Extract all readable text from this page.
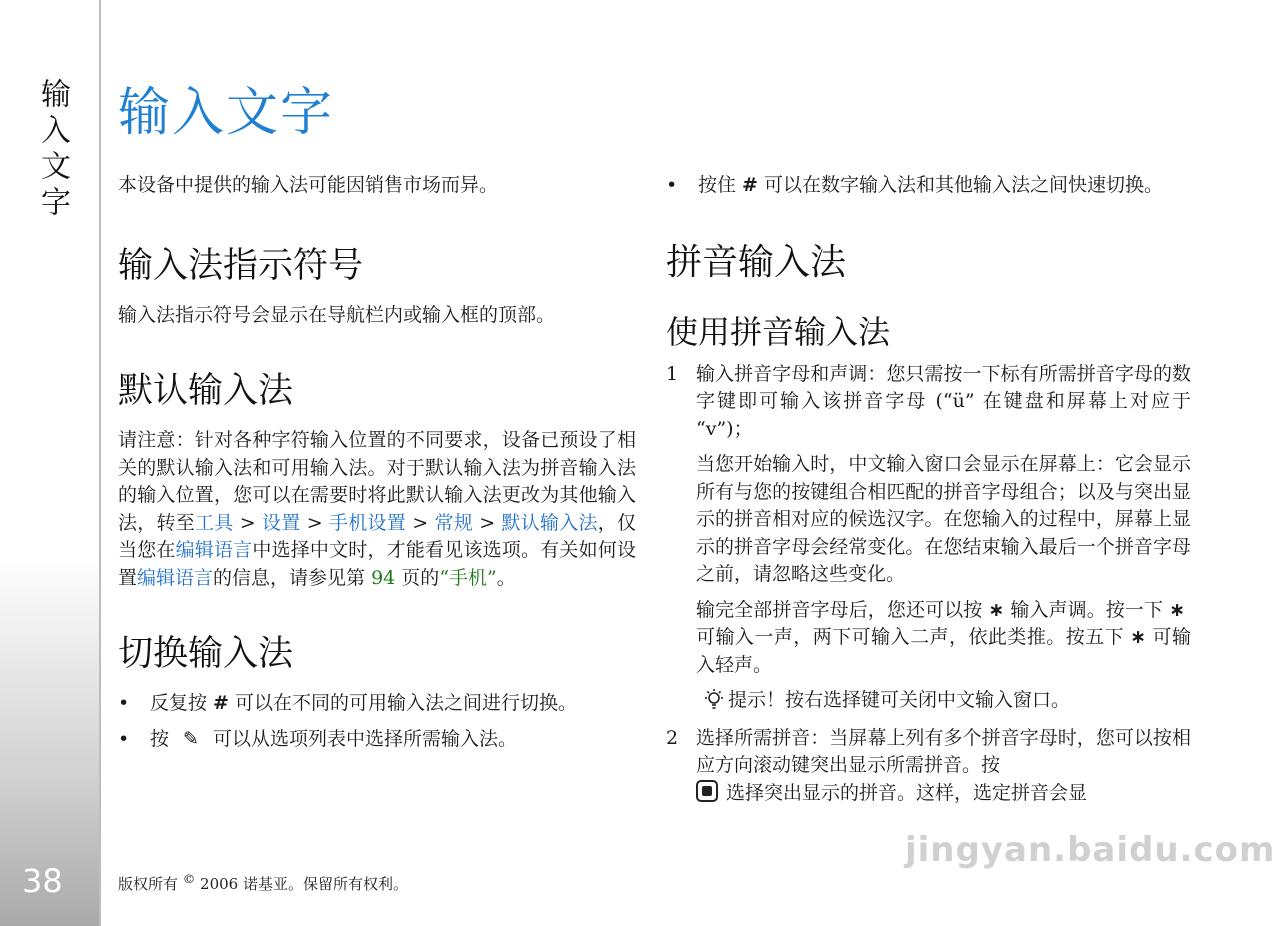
输入文字
38
输入文字

本设备中提供的输入法可能因销售市场而异。

输入法指示符号

输入法指示符号会显示在导航栏内或输入框的顶部。

默认输入法

请注意：针对各种字符输入位置的不同要求，设备已预设了相关的默认输入法和可用输入法。对于默认输入法为拼音输入法的输入位置，您可以在需要时将此默认输入法更改为其他输入法，转至工具 > 设置 > 手机设置 > 常规 > 默认输入法，仅当您在编辑语言中选择中文时，才能看见该选项。有关如何设置编辑语言的信息，请参见第 94 页的“手机”。

切换输入法
• 反复按 # 可以在不同的可用输入法之间进行切换。
• 按 ✎ 可以从选项列表中选择所需输入法。
• 按住 # 可以在数字输入法和其他输入法之间快速切换。
拼音输入法
使用拼音输入法
1 输入拼音字母和声调：您只需按一下标有所需拼音字母的数字键即可输入该拼音字母 (“ü” 在键盘和屏幕上对应于 “v”)；

当您开始输入时，中文输入窗口会显示在屏幕上：它会显示所有与您的按键组合相匹配的拼音字母组合；以及与突出显示的拼音相对应的候选汉字。在您输入的过程中，屏幕上显示的拼音字母会经常变化。在您结束输入最后一个拼音字母之前，请忽略这些变化。

输完全部拼音字母后，您还可以按 ∗ 输入声调。按一下 ∗可输入一声，两下可输入二声，依此类推。按五下 ∗ 可输入轻声。

提示！按右选择键可关闭中文输入窗口。

2 选择所需拼音：当屏幕上列有多个拼音字母时，您可以按相应方向滚动键突出显示所需拼音。按
选择突出显示的拼音。这样，选定拼音会显
版权所有 © 2006 诺基亚。保留所有权利。
jingyan.baidu.com
